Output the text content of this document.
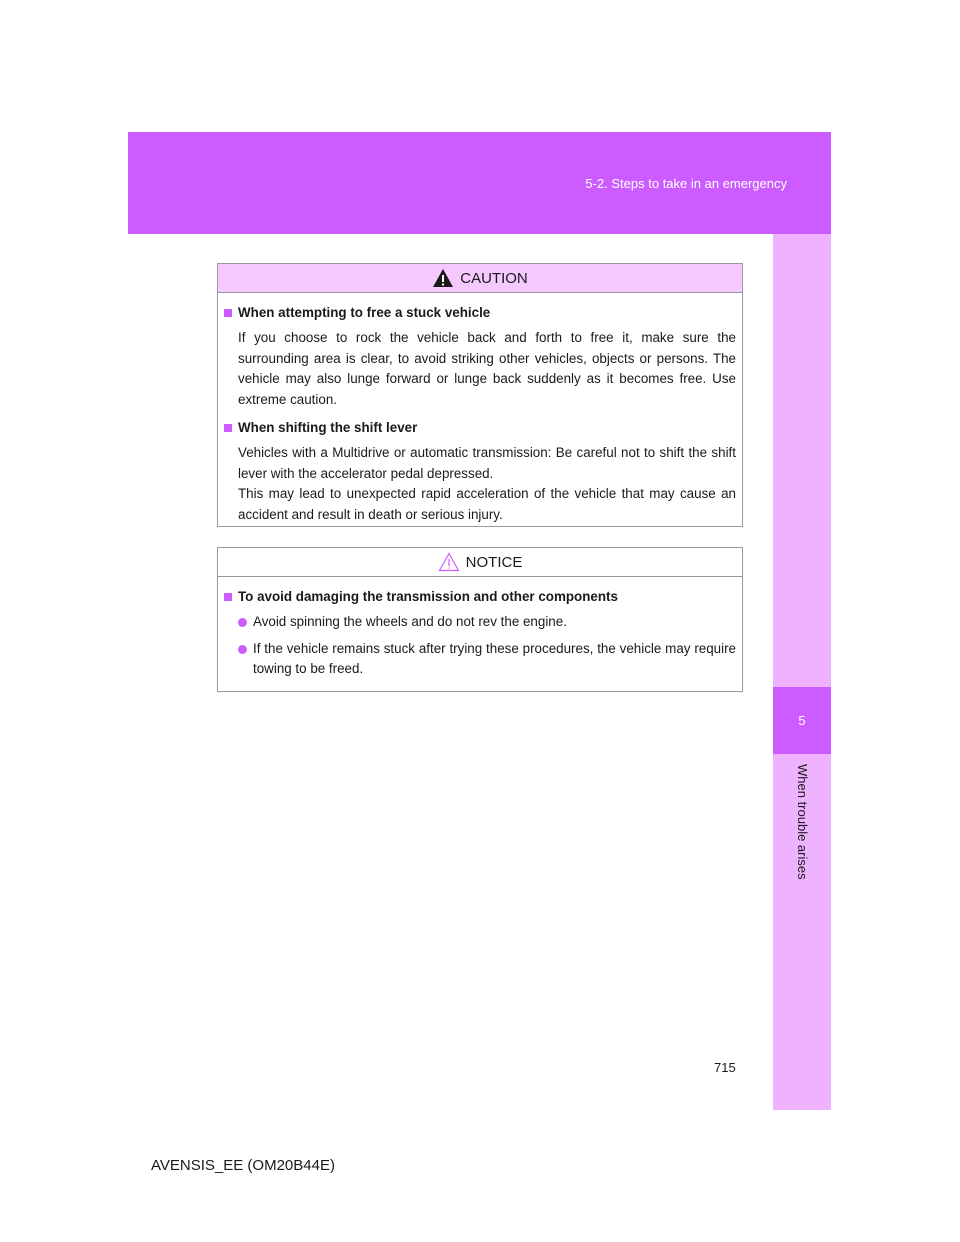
5-2. Steps to take in an emergency
5
When trouble arises
CAUTION
When attempting to free a stuck vehicle
If you choose to rock the vehicle back and forth to free it, make sure the surrounding area is clear, to avoid striking other vehicles, objects or persons. The vehicle may also lunge forward or lunge back suddenly as it becomes free. Use extreme caution.
When shifting the shift lever
Vehicles with a Multidrive or automatic transmission: Be careful not to shift the shift lever with the accelerator pedal depressed.
This may lead to unexpected rapid acceleration of the vehicle that may cause an accident and result in death or serious injury.
NOTICE
To avoid damaging the transmission and other components
Avoid spinning the wheels and do not rev the engine.
If the vehicle remains stuck after trying these procedures, the vehicle may require towing to be freed.
715
AVENSIS_EE (OM20B44E)
